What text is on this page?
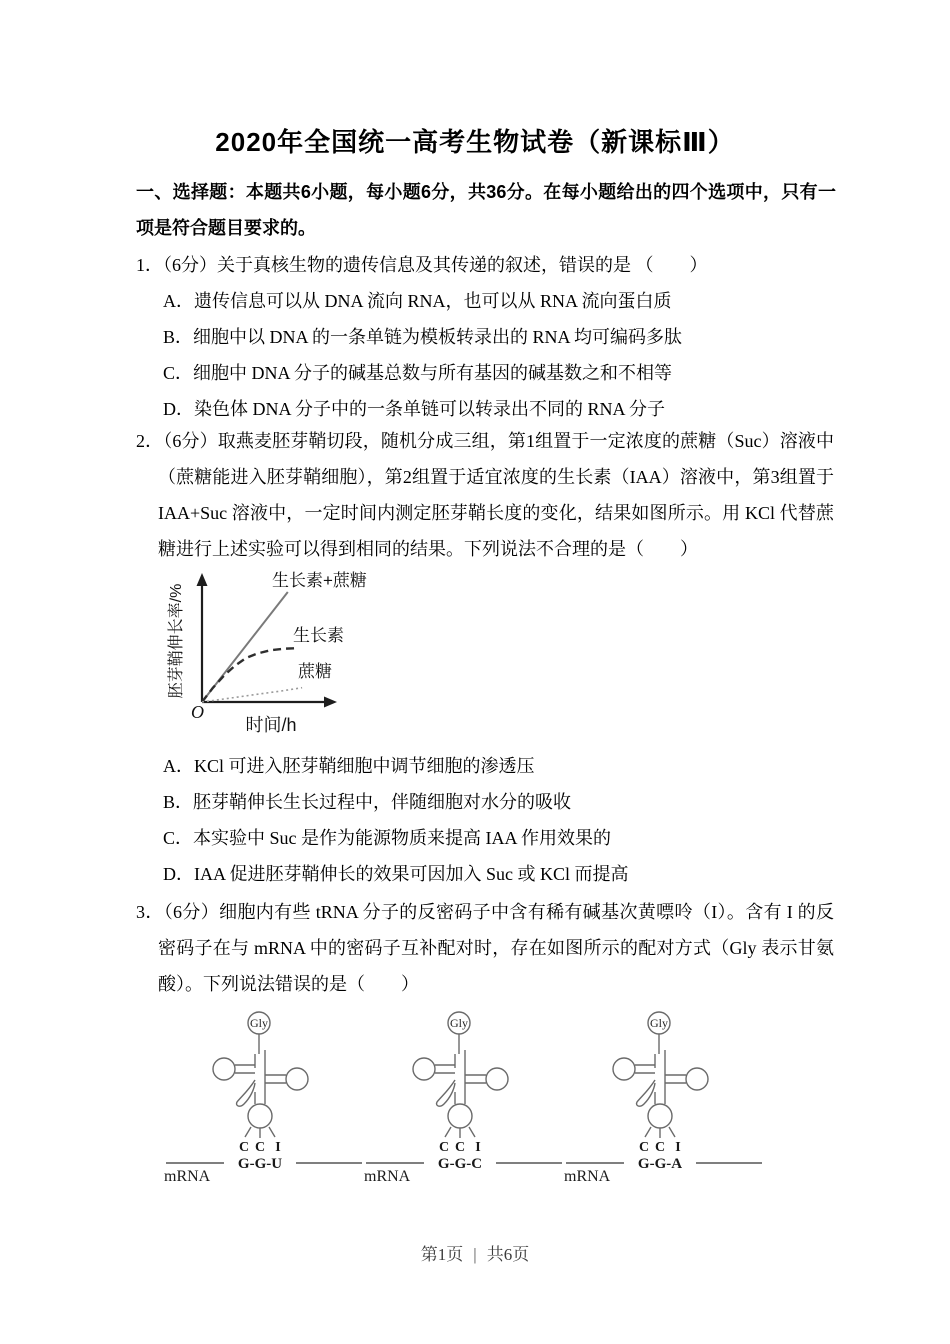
2020年全国统一高考生物试卷（新课标Ⅲ）

一、选择题：本题共6小题，每小题6分，共36分。在每小题给出的四个选项中，只有一项是符合题目要求的。

1．（6分）关于真核生物的遗传信息及其传递的叙述，错误的是 （　　）

A．遗传信息可以从 DNA 流向 RNA，也可以从 RNA 流向蛋白质
B．细胞中以 DNA 的一条单链为模板转录出的 RNA 均可编码多肽
C．细胞中 DNA 分子的碱基总数与所有基因的碱基数之和不相等
D．染色体 DNA 分子中的一条单链可以转录出不同的 RNA 分子

2．（6分）取燕麦胚芽鞘切段，随机分成三组，第1组置于一定浓度的蔗糖（Suc）溶液中（蔗糖能进入胚芽鞘细胞），第2组置于适宜浓度的生长素（IAA）溶液中，第3组置于 IAA+Suc 溶液中，一定时间内测定胚芽鞘长度的变化，结果如图所示。用 KCl 代替蔗糖进行上述实验可以得到相同的结果。下列说法不合理的是（　　）

胚芽鞘伸长率/%
生长素+蔗糖
生长素
蔗糖
O
时间/h
A．KCl 可进入胚芽鞘细胞中调节细胞的渗透压
B．胚芽鞘伸长生长过程中，伴随细胞对水分的吸收
C．本实验中 Suc 是作为能源物质来提高 IAA 作用效果的
D．IAA 促进胚芽鞘伸长的效果可因加入 Suc 或 KCl 而提高

3．（6分）细胞内有些 tRNA 分子的反密码子中含有稀有碱基次黄嘌呤（I）。含有 I 的反密码子在与 mRNA 中的密码子互补配对时，存在如图所示的配对方式（Gly 表示甘氨酸）。下列说法错误的是（　　）

Gly
C C I
G-G-U
mRNA
Gly
C C I
G-G-C
mRNA
Gly
C C I
G-G-A
mRNA
第1页 | 共6页
